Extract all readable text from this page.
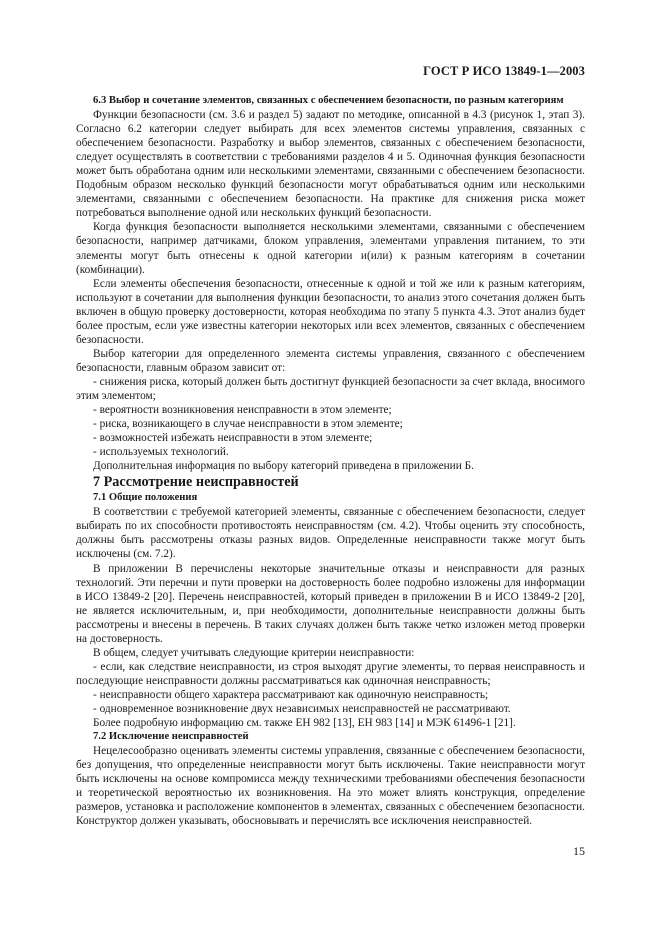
ГОСТ Р ИСО 13849-1—2003

6.3 Выбор и сочетание элементов, связанных с обеспечением безопасности, по разным категориям

Функции безопасности (см. 3.6 и раздел 5) задают по методике, описанной в 4.3 (рисунок 1, этап 3). Согласно 6.2 категории следует выбирать для всех элементов системы управления, связанных с обеспечением безопасности. Разработку и выбор элементов, связанных с обеспечением безопасности, следует осуществлять в соответствии с требованиями разделов 4 и 5. Одиночная функция безопасности может быть обработана одним или несколькими элементами, связанными с обеспечением безопасности. Подобным образом несколько функций безопасности могут обрабатываться одним или несколькими элементами, связанными с обеспечением безопасности. На практике для снижения риска может потребоваться выполнение одной или нескольких функций безопасности.

Когда функция безопасности выполняется несколькими элементами, связанными с обеспечением безопасности, например датчиками, блоком управления, элементами управления питанием, то эти элементы могут быть отнесены к одной категории и(или) к разным категориям в сочетании (комбинации).

Если элементы обеспечения безопасности, отнесенные к одной и той же или к разным категориям, используют в сочетании для выполнения функции безопасности, то анализ этого сочетания должен быть включен в общую проверку достоверности, которая необходима по этапу 5 пункта 4.3. Этот анализ будет более простым, если уже известны категории некоторых или всех элементов, связанных с обеспечением безопасности.

Выбор категории для определенного элемента системы управления, связанного с обеспечением безопасности, главным образом зависит от:

- снижения риска, который должен быть достигнут функцией безопасности за счет вклада, вносимого этим элементом;

- вероятности возникновения неисправности в этом элементе;

- риска, возникающего в случае неисправности в этом элементе;

- возможностей избежать неисправности в этом элементе;

- используемых технологий.

Дополнительная информация по выбору категорий приведена в приложении Б.

7 Рассмотрение неисправностей

7.1 Общие положения

В соответствии с требуемой категорией элементы, связанные с обеспечением безопасности, следует выбирать по их способности противостоять неисправностям (см. 4.2). Чтобы оценить эту способность, должны быть рассмотрены отказы разных видов. Определенные неисправности также могут быть исключены (см. 7.2).

В приложении В перечислены некоторые значительные отказы и неисправности для разных технологий. Эти перечни и пути проверки на достоверность более подробно изложены для информации в ИСО 13849-2 [20]. Перечень неисправностей, который приведен в приложении В и ИСО 13849-2 [20], не является исключительным, и, при необходимости, дополнительные неисправности должны быть рассмотрены и внесены в перечень. В таких случаях должен быть также четко изложен метод проверки на достоверность.

В общем, следует учитывать следующие критерии неисправности:

- если, как следствие неисправности, из строя выходят другие элементы, то первая неисправность и последующие неисправности должны рассматриваться как одиночная неисправность;

- неисправности общего характера рассматривают как одиночную неисправность;

- одновременное возникновение двух независимых неисправностей не рассматривают.

Более подробную информацию см. также ЕН 982 [13], ЕН 983 [14] и МЭК 61496-1 [21].

7.2 Исключение неисправностей

Нецелесообразно оценивать элементы системы управления, связанные с обеспечением безопасности, без допущения, что определенные неисправности могут быть исключены. Такие неисправности могут быть исключены на основе компромисса между техническими требованиями обеспечения безопасности и теоретической вероятностью их возникновения. На это может влиять конструкция, определение размеров, установка и расположение компонентов в элементах, связанных с обеспечением безопасности. Конструктор должен указывать, обосновывать и перечислять все исключения неисправностей.

15
